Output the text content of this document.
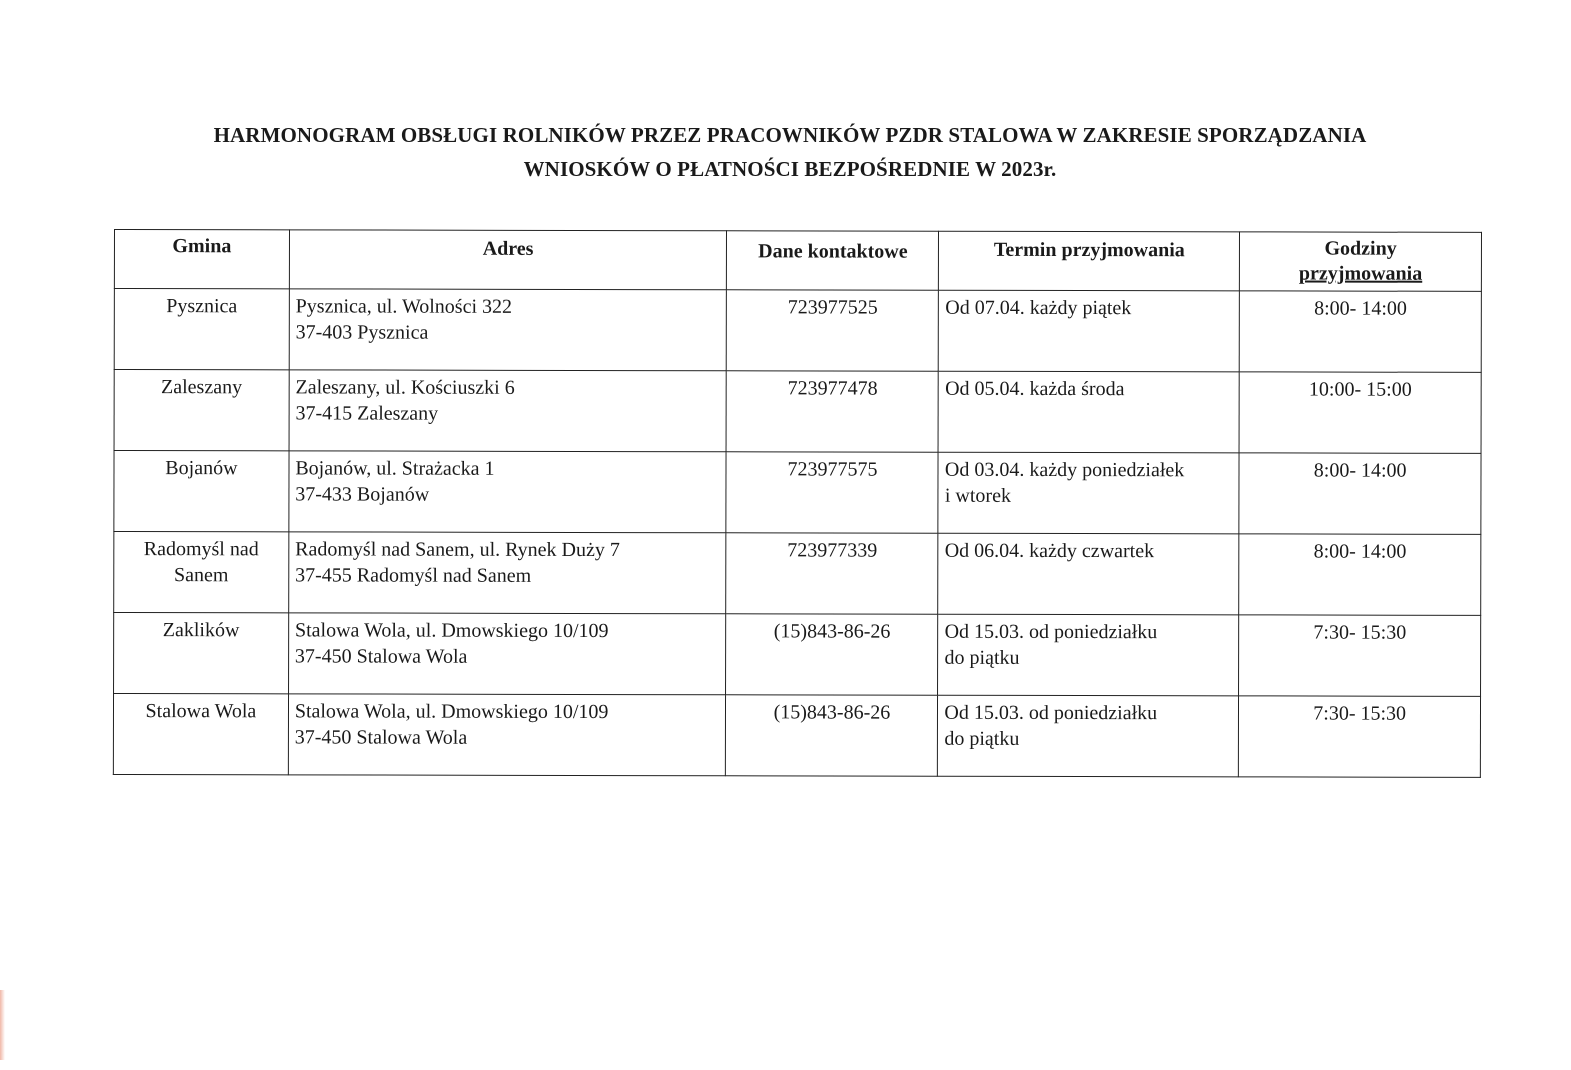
HARMONOGRAM OBSŁUGI ROLNIKÓW PRZEZ PRACOWNIKÓW PZDR STALOWA W ZAKRESIE SPORZĄDZANIA
WNIOSKÓW O PŁATNOŚCI BEZPOŚREDNIE W 2023r.
Gmina	Adres	Dane kontaktowe	Termin przyjmowania	Godziny
przyjmowania

Pysznica	Pysznica, ul. Wolności 322
37-403 Pysznica	723977525	Od 07.04. każdy piątek	8:00- 14:00

Zaleszany	Zaleszany, ul. Kościuszki 6
37-415 Zaleszany	723977478	Od 05.04. każda środa	10:00- 15:00

Bojanów	Bojanów, ul. Strażacka 1
37-433 Bojanów	723977575	Od 03.04. każdy poniedziałek
i wtorek	8:00- 14:00

Radomyśl nad
Sanem	Radomyśl nad Sanem, ul. Rynek Duży 7
37-455 Radomyśl nad Sanem	723977339	Od 06.04. każdy czwartek	8:00- 14:00

Zaklików	Stalowa Wola, ul. Dmowskiego 10/109
37-450 Stalowa Wola	(15)843-86-26	Od 15.03. od poniedziałku
do piątku	7:30- 15:30

Stalowa Wola	Stalowa Wola, ul. Dmowskiego 10/109
37-450 Stalowa Wola	(15)843-86-26	Od 15.03. od poniedziałku
do piątku	7:30- 15:30
